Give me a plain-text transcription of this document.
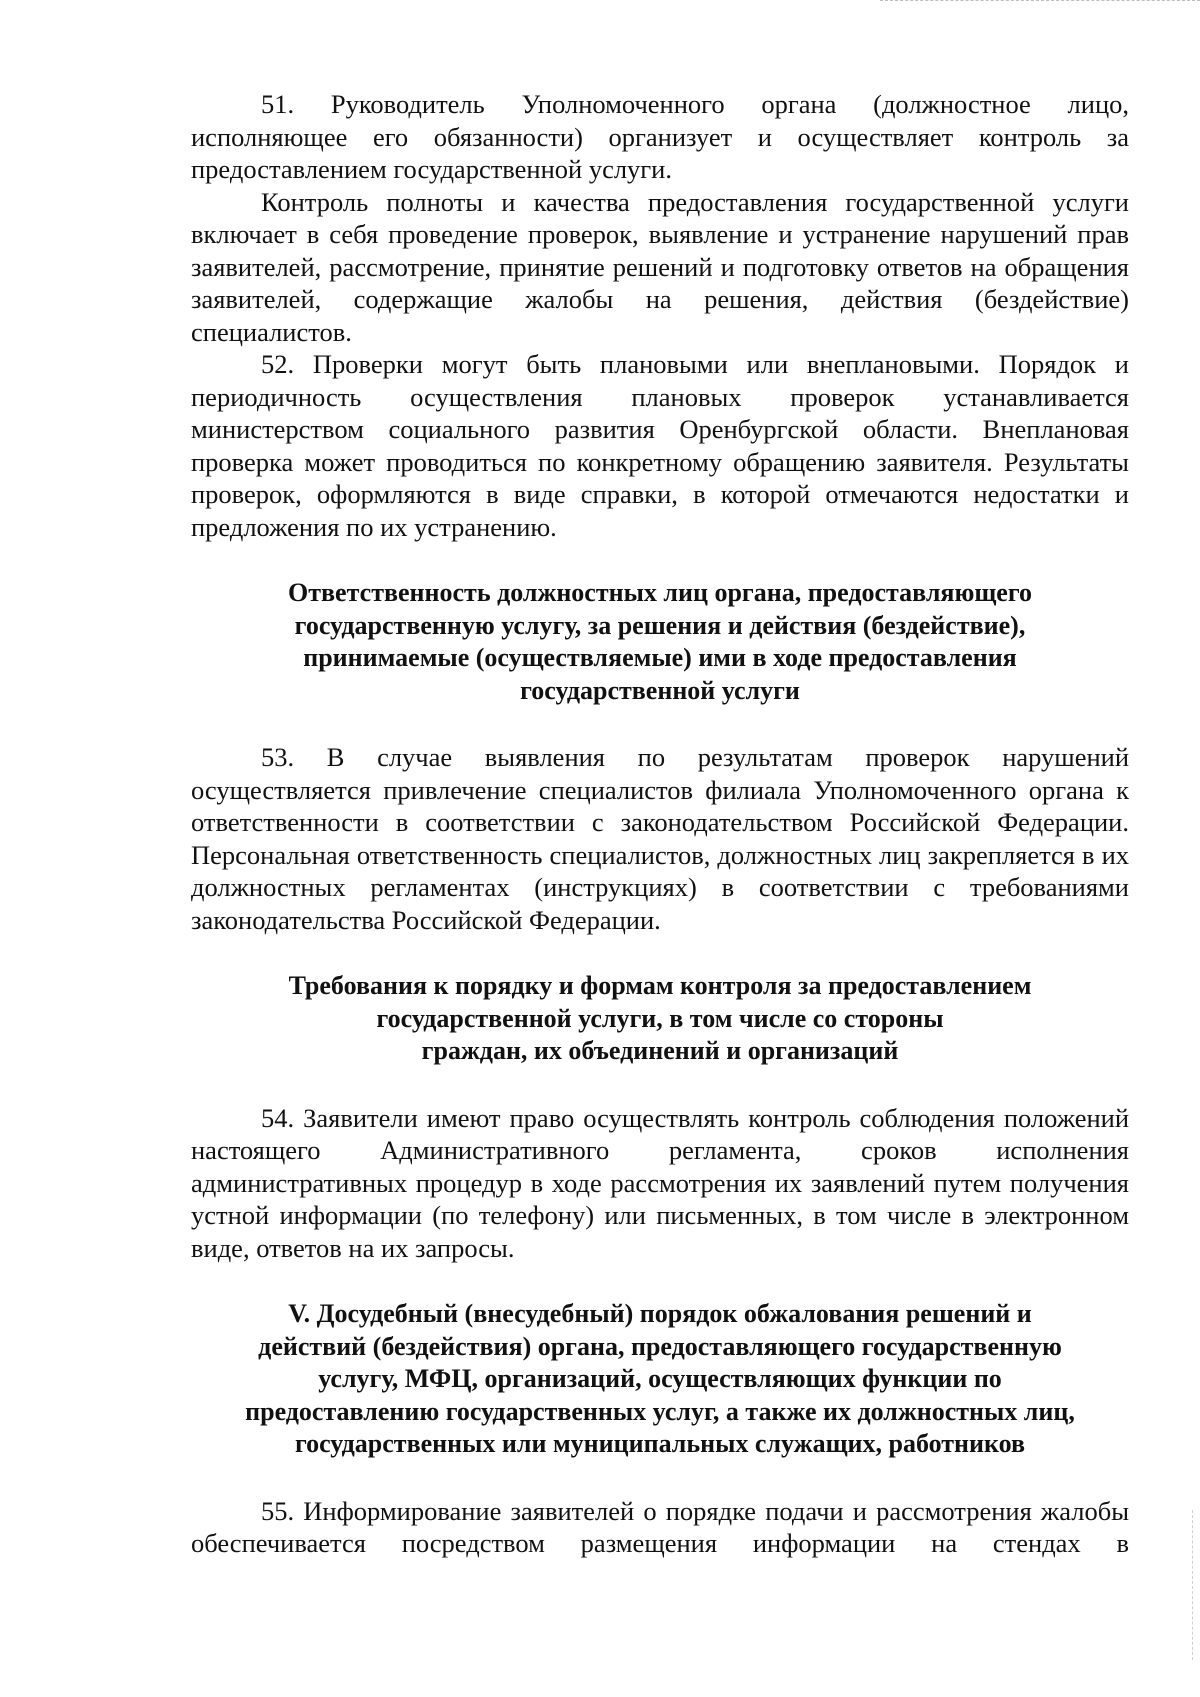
51. Руководитель Уполномоченного органа (должностное лицо, исполняющее его обязанности) организует и осуществляет контроль за предоставлением государственной услуги.

Контроль полноты и качества предоставления государственной услуги включает в себя проведение проверок, выявление и устранение нарушений прав заявителей, рассмотрение, принятие решений и подготовку ответов на обращения заявителей, содержащие жалобы на решения, действия (бездействие) специалистов.

52. Проверки могут быть плановыми или внеплановыми. Порядок и периодичность осуществления плановых проверок устанавливается министерством социального развития Оренбургской области. Внеплановая проверка может проводиться по конкретному обращению заявителя. Результаты проверок, оформляются в виде справки, в которой отмечаются недостатки и предложения по их устранению.

Ответственность должностных лиц органа, предоставляющего
государственную услугу, за решения и действия (бездействие),
принимаемые (осуществляемые) ими в ходе предоставления
государственной услуги

53. В случае выявления по результатам проверок нарушений осуществляется привлечение специалистов филиала Уполномоченного органа к ответственности в соответствии с законодательством Российской Федерации. Персональная ответственность специалистов, должностных лиц закрепляется в их должностных регламентах (инструкциях) в соответствии с требованиями законодательства Российской Федерации.

Требования к порядку и формам контроля за предоставлением
государственной услуги, в том числе со стороны
граждан, их объединений и организаций

54. Заявители имеют право осуществлять контроль соблюдения положений настоящего Административного регламента, сроков исполнения административных процедур в ходе рассмотрения их заявлений путем получения устной информации (по телефону) или письменных, в том числе в электронном виде, ответов на их запросы.

V. Досудебный (внесудебный) порядок обжалования решений и
действий (бездействия) органа, предоставляющего государственную
услугу, МФЦ, организаций, осуществляющих функции по
предоставлению государственных услуг, а также их должностных лиц,
государственных или муниципальных служащих, работников

55. Информирование заявителей о порядке подачи и рассмотрения жалобы обеспечивается посредством размещения информации на стендах в
